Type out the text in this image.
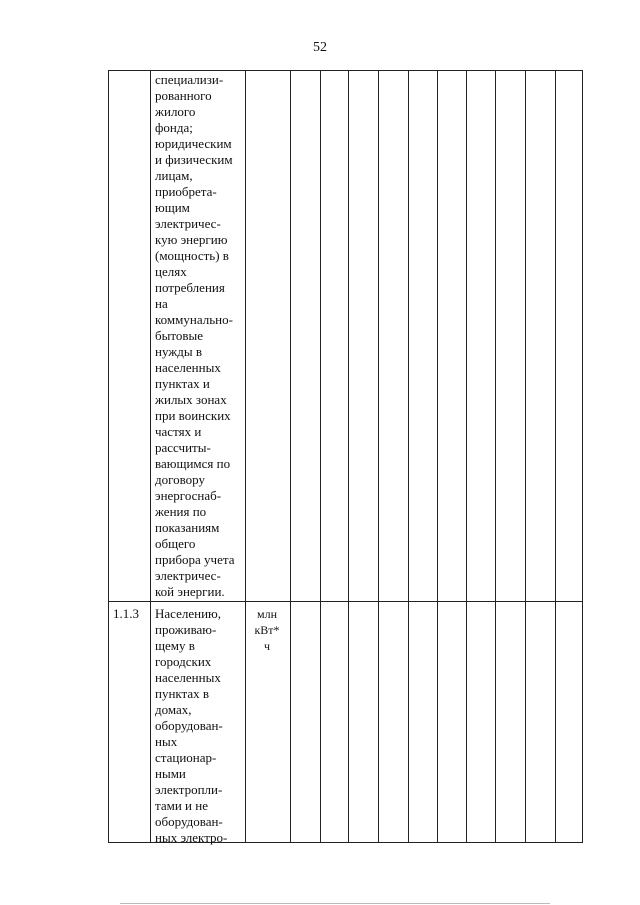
52
специализи-
рованного
жилого
фонда;
юридическим
и физическим
лицам,
приобрета-
ющим
электричес-
кую энергию
(мощность) в
целях
потребления
на
коммунально-
бытовые
нужды в
населенных
пунктах и
жилых зонах
при воинских
частях и
рассчиты-
вающимся по
договору
энергоснаб-
жения по
показаниям
общего
прибора учета
электричес-
кой энергии.
1.1.3	Населению,
проживаю-
щему в
городских
населенных
пунктах в
домах,
оборудован-
ных
стационар-
ными
электропли-
тами и не
оборудован-
ных электро-
млн
кВт*
ч
